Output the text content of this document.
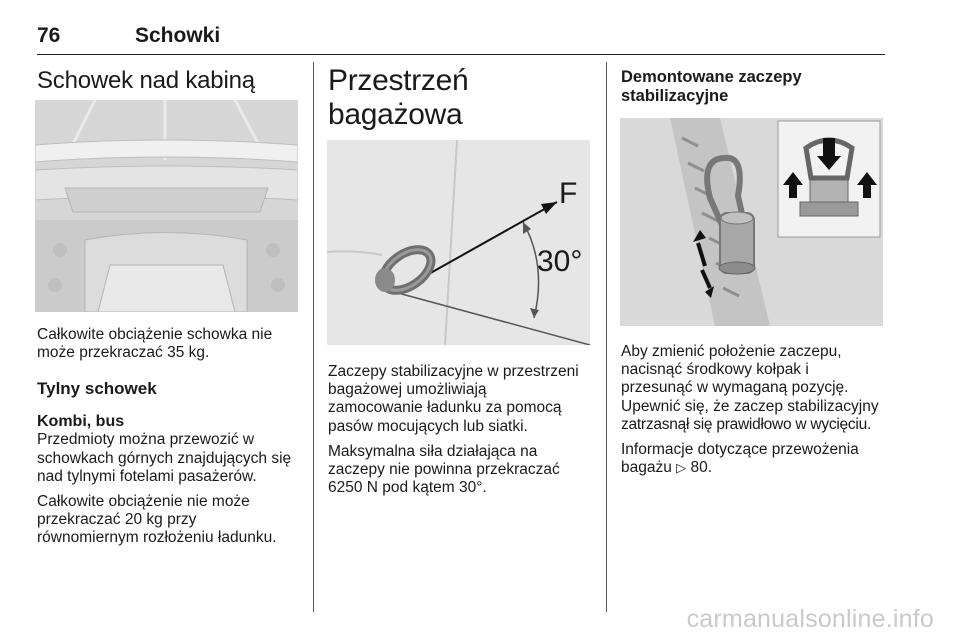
76	Schowki
Schowek nad kabiną

Całkowite obciążenie schowka nie

może przekraczać 35 kg.

Tylny schowek
Kombi, bus

Przedmioty można przewozić w

schowkach górnych znajdujących się

nad tylnymi fotelami pasażerów.

Całkowite obciążenie nie może

przekraczać 20 kg przy

równomiernym rozłożeniu ładunku.

Przestrzeń bagażowa
F
30°

Zaczepy stabilizacyjne w przestrzeni

bagażowej umożliwiają

zamocowanie ładunku za pomocą

pasów mocujących lub siatki.

Maksymalna siła działająca na

zaczepy nie powinna przekraczać

6250 N pod kątem 30°.

Demontowane zaczepy
stabilizacyjne

Aby zmienić położenie zaczepu,

nacisnąć środkowy kołpak i

przesunąć w wymaganą pozycję.

Upewnić się, że zaczep stabilizacyjny

zatrzasnął się prawidłowo w wycięciu.

Informacje dotyczące przewożenia

bagażu ▷ 80.

carmanualsonline.info
